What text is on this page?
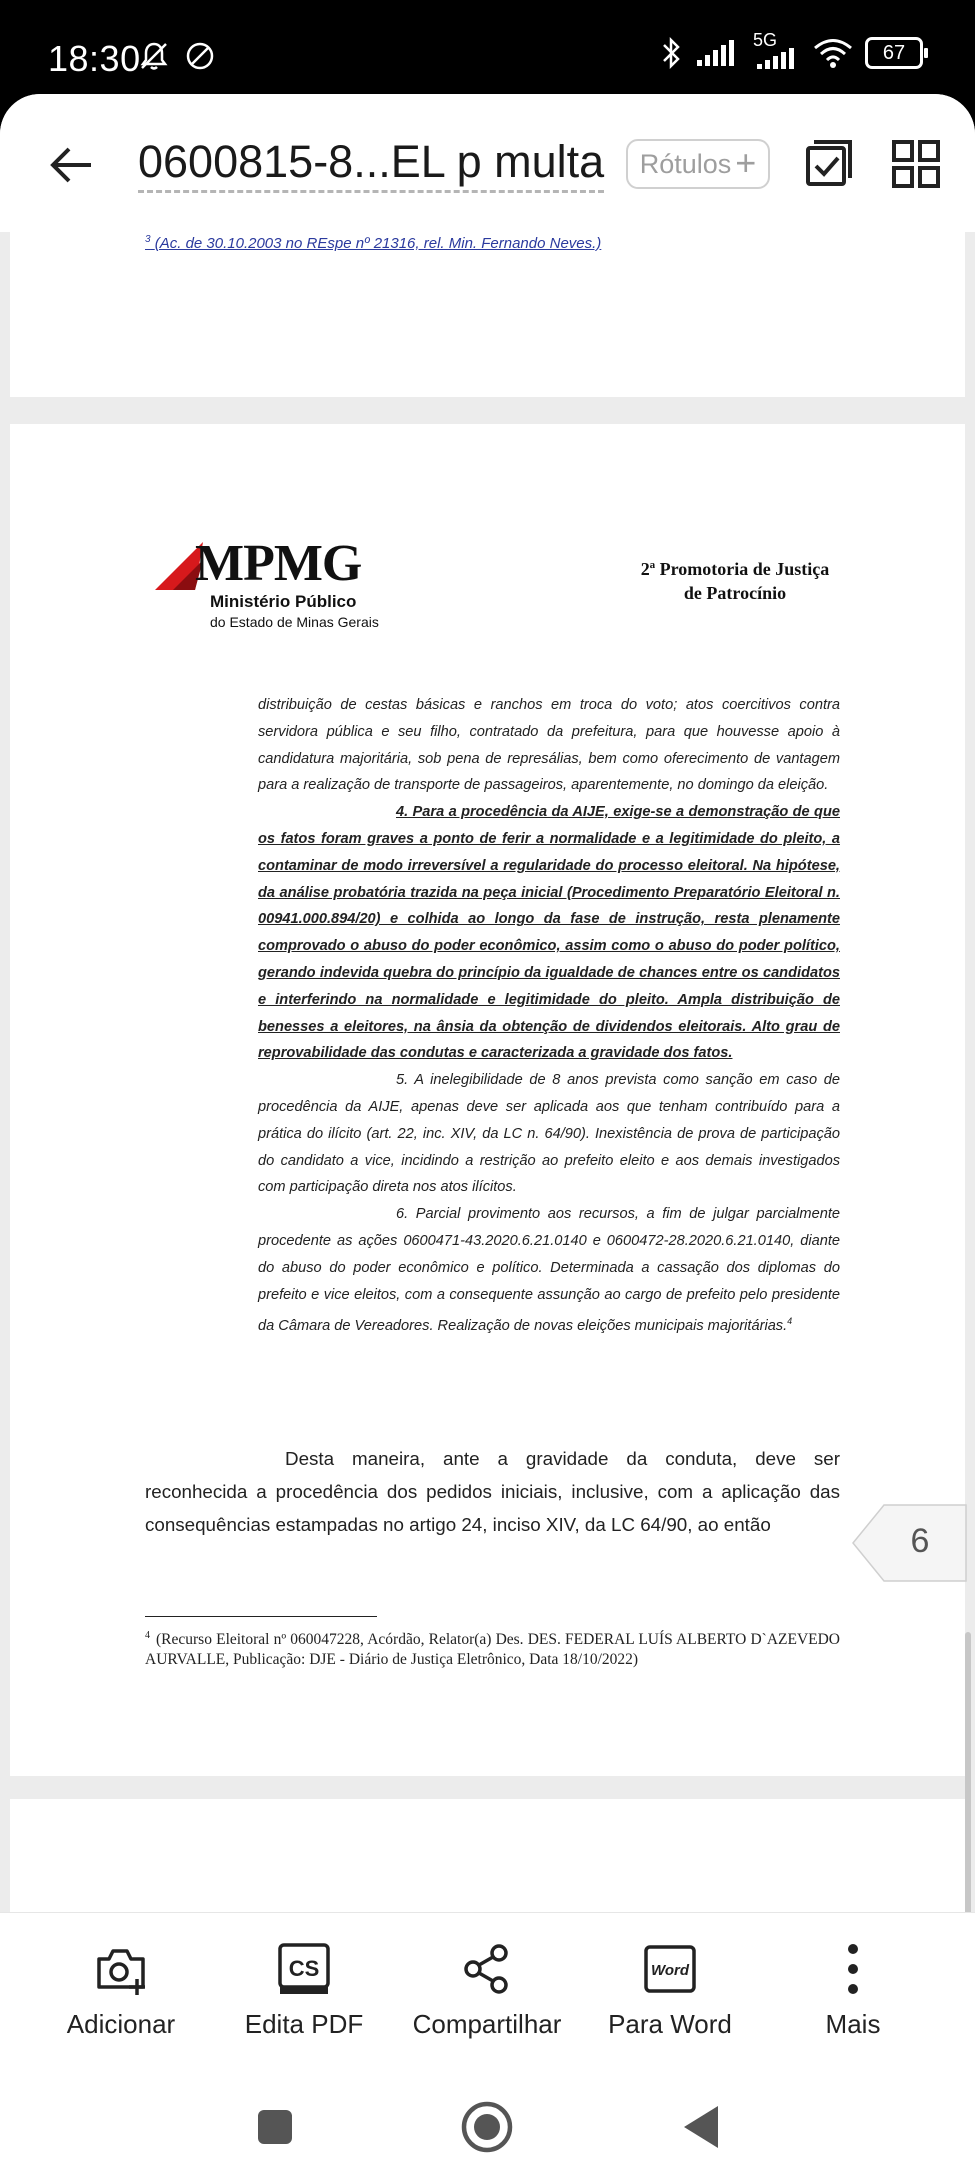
18:30	5G
67
0600815-8...EL p multa Rótulos +
$^3$ (Ac. de 30.10.2003 no REspe nº 21316, rel. Min. Fernando Neves.)
MPMG
Ministério Público
do Estado de Minas Gerais
2ª Promotoria de Justiça
de Patrocínio

distribuição de cestas básicas e ranchos em troca do voto; atos coercitivos contra servidora pública e seu filho, contratado da prefeitura, para que houvesse apoio à candidatura majoritária, sob pena de represálias, bem como oferecimento de vantagem para a realização de transporte de passageiros, aparentemente, no domingo da eleição.

4. Para a procedência da AIJE, exige-se a demonstração de que os fatos foram graves a ponto de ferir a normalidade e a legitimidade do pleito, a contaminar de modo irreversível a regularidade do processo eleitoral. Na hipótese, da análise probatória trazida na peça inicial (Procedimento Preparatório Eleitoral n. 00941.000.894/20) e colhida ao longo da fase de instrução, resta plenamente comprovado o abuso do poder econômico, assim como o abuso do poder político, gerando indevida quebra do princípio da igualdade de chances entre os candidatos e interferindo na normalidade e legitimidade do pleito. Ampla distribuição de benesses a eleitores, na ânsia da obtenção de dividendos eleitorais. Alto grau de reprovabilidade das condutas e caracterizada a gravidade dos fatos.

5. A inelegibilidade de 8 anos prevista como sanção em caso de procedência da AIJE, apenas deve ser aplicada aos que tenham contribuído para a prática do ilícito (art. 22, inc. XIV, da LC n. 64/90). Inexistência de prova de participação do candidato a vice, incidindo a restrição ao prefeito eleito e aos demais investigados com participação direta nos atos ilícitos.

6. Parcial provimento aos recursos, a fim de julgar parcialmente procedente as ações 0600471-43.2020.6.21.0140 e 0600472-28.2020.6.21.0140, diante do abuso do poder econômico e político. Determinada a cassação dos diplomas do prefeito e vice eleitos, com a consequente assunção ao cargo de prefeito pelo presidente da Câmara de Vereadores. Realização de novas eleições municipais majoritárias.$^4$

Desta maneira, ante a gravidade da conduta, deve ser reconhecida a procedência dos pedidos iniciais, inclusive, com a aplicação das consequências estampadas no artigo 24, inciso XIV, da LC 64/90, ao então

$^4$ (Recurso Eleitoral nº 060047228, Acórdão, Relator(a) Des. DES. FEDERAL LUÍS ALBERTO D`AZEVEDO AURVALLE, Publicação: DJE - Diário de Justiça Eletrônico, Data 18/10/2022)
6
Adicionar
CS
Edita PDF	Compartilhar
Word
Para Word	Mais
